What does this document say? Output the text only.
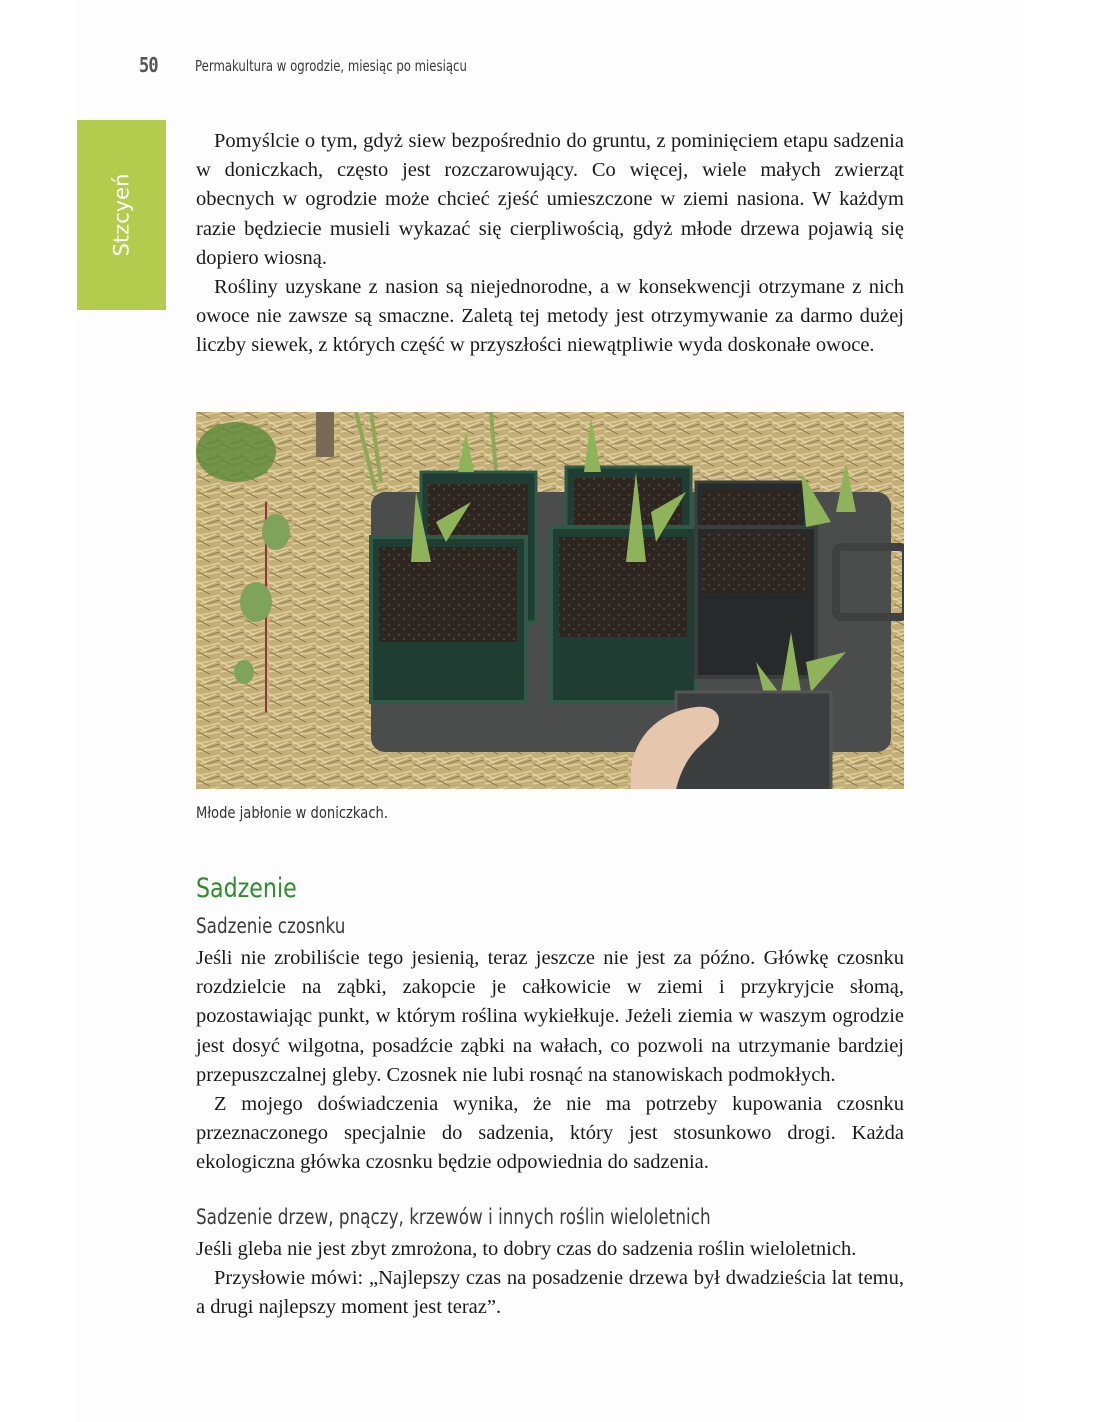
50 Permakultura w ogrodzie, miesiąc po miesiącu
Stzcyeń

Pomyślcie o tym, gdyż siew bezpośrednio do gruntu, z pominięciem etapu sadzenia w doniczkach, często jest rozczarowujący. Co więcej, wiele małych zwierząt obecnych w ogrodzie może chcieć zjeść umieszczone w ziemi nasiona. W każdym razie będziecie musieli wykazać się cierpliwością, gdyż młode drzewa pojawią się dopiero wiosną.

Rośliny uzyskane z nasion są niejednorodne, a w konsekwencji otrzymane z nich owoce nie zawsze są smaczne. Zaletą tej metody jest otrzymywanie za darmo dużej liczby siewek, z których część w przyszłości niewątpliwie wyda doskonałe owoce.

Młode jabłonie w doniczkach.
Sadzenie
Sadzenie czosnku

Jeśli nie zrobiliście tego jesienią, teraz jeszcze nie jest za późno. Główkę czosnku rozdzielcie na ząbki, zakopcie je całkowicie w ziemi i przykryjcie słomą, pozostawiając punkt, w którym roślina wykiełkuje. Jeżeli ziemia w waszym ogrodzie jest dosyć wilgotna, posadźcie ząbki na wałach, co pozwoli na utrzymanie bardziej przepuszczalnej gleby. Czosnek nie lubi rosnąć na stanowiskach podmokłych.

Z mojego doświadczenia wynika, że nie ma potrzeby kupowania czosnku przeznaczonego specjalnie do sadzenia, który jest stosunkowo drogi. Każda ekologiczna główka czosnku będzie odpowiednia do sadzenia.

Sadzenie drzew, pnączy, krzewów i innych roślin wieloletnich

Jeśli gleba nie jest zbyt zmrożona, to dobry czas do sadzenia roślin wieloletnich.

Przysłowie mówi: „Najlepszy czas na posadzenie drzewa był dwadzieścia lat temu, a drugi najlepszy moment jest teraz”.
